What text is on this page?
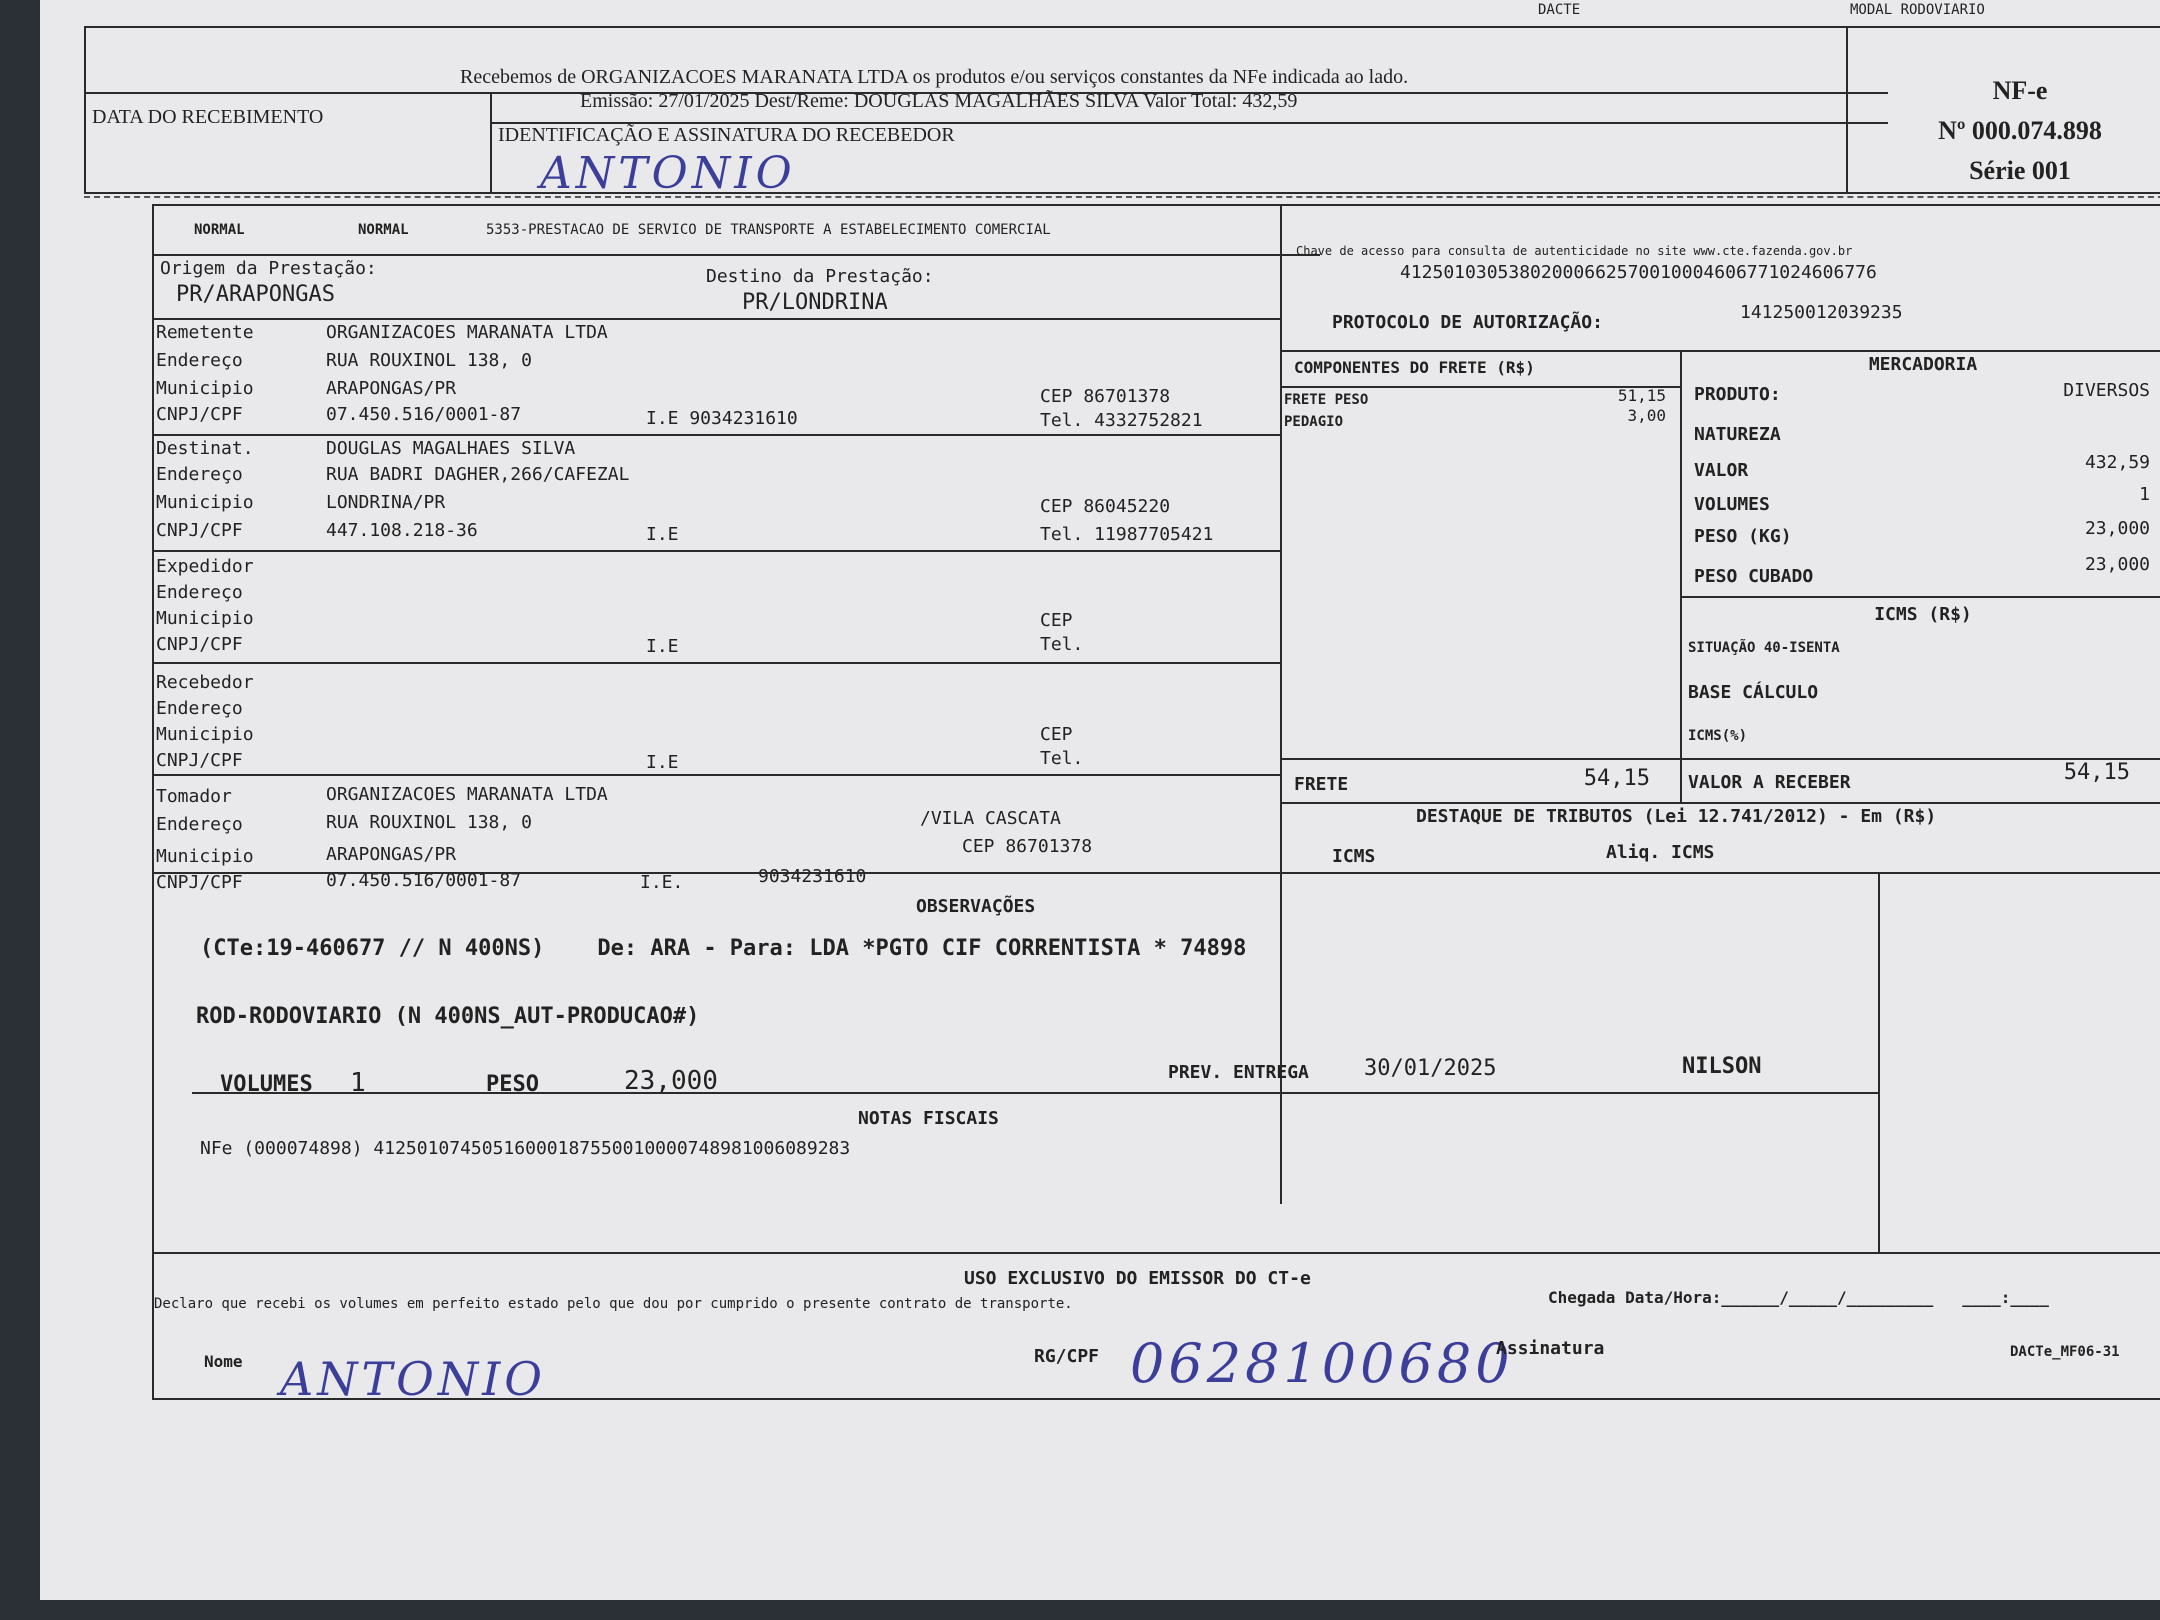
DACTE	MODAL RODOVIARIO
Recebemos de ORGANIZACOES MARANATA LTDA os produtos e/ou serviços constantes da NFe indicada ao lado.
Emissão: 27/01/2025 Dest/Reme: DOUGLAS MAGALHÃES SILVA Valor Total: 432,59
DATA DO RECEBIMENTO
IDENTIFICAÇÃO E ASSINATURA DO RECEBEDOR
ANTONIO
NF-e
Nº 000.074.898
Série 001
NORMAL	NORMAL	5353-PRESTACAO DE SERVICO DE TRANSPORTE A ESTABELECIMENTO COMERCIAL
Chave de acesso para consulta de autenticidade no site www.cte.fazenda.gov.br
41250103053802000662570010004606771024606776
PROTOCOLO DE AUTORIZAÇÃO:	141250012039235
Origem da Prestação:
PR/ARAPONGAS
Destino da Prestação:
PR/LONDRINA
Remetente	ORGANIZACOES MARANATA LTDA
Endereço	RUA ROUXINOL 138, 0
Municipio	ARAPONGAS/PR
CNPJ/CPF	07.450.516/0001-87	I.E 9034231610
CEP 86701378
Tel. 4332752821
Destinat.	DOUGLAS MAGALHAES SILVA
Endereço	RUA BADRI DAGHER,266/CAFEZAL
Municipio	LONDRINA/PR
CNPJ/CPF	447.108.218-36	I.E
CEP 86045220
Tel. 11987705421
Expedidor
Endereço
Municipio
CNPJ/CPF	I.E
CEP
Tel.
Recebedor
Endereço
Municipio
CNPJ/CPF	I.E
CEP
Tel.
Tomador	ORGANIZACOES MARANATA LTDA
Endereço	RUA ROUXINOL 138, 0	/VILA CASCATA
CEP 86701378
Municipio	ARAPONGAS/PR
CNPJ/CPF	07.450.516/0001-87	I.E.	9034231610
COMPONENTES DO FRETE (R$)
FRETE PESO	51,15
PEDAGIO	3,00
FRETE	54,15
MERCADORIA
PRODUTO:	DIVERSOS
NATUREZA
VALOR	432,59
VOLUMES	1
PESO (KG)	23,000
PESO CUBADO
23,000
ICMS (R$)
SITUAÇÃO 40-ISENTA
BASE CÁLCULO
ICMS(%)
VALOR A RECEBER	54,15
DESTAQUE DE TRIBUTOS (Lei 12.741/2012) - Em (R$)
ICMS	Aliq. ICMS
OBSERVAÇÕES
(CTe:19-460677 // N 400NS)    De: ARA - Para: LDA *PGTO CIF CORRENTISTA * 74898
ROD-RODOVIARIO (N 400NS_AUT-PRODUCAO#)
VOLUMES 1	PESO	23,000	PREV. ENTREGA	30/01/2025	NILSON
NOTAS FISCAIS
NFe (000074898) 41250107450516000187550010000748981006089283
USO EXCLUSIVO DO EMISSOR DO CT-e
Declaro que recebi os volumes em perfeito estado pelo que dou por cumprido o presente contrato de transporte.	Chegada Data/Hora:______/_____/_________   ____:____
Nome ANTONIO	RG/CPF 0628100680
Assinatura	DACTe_MF06-31
